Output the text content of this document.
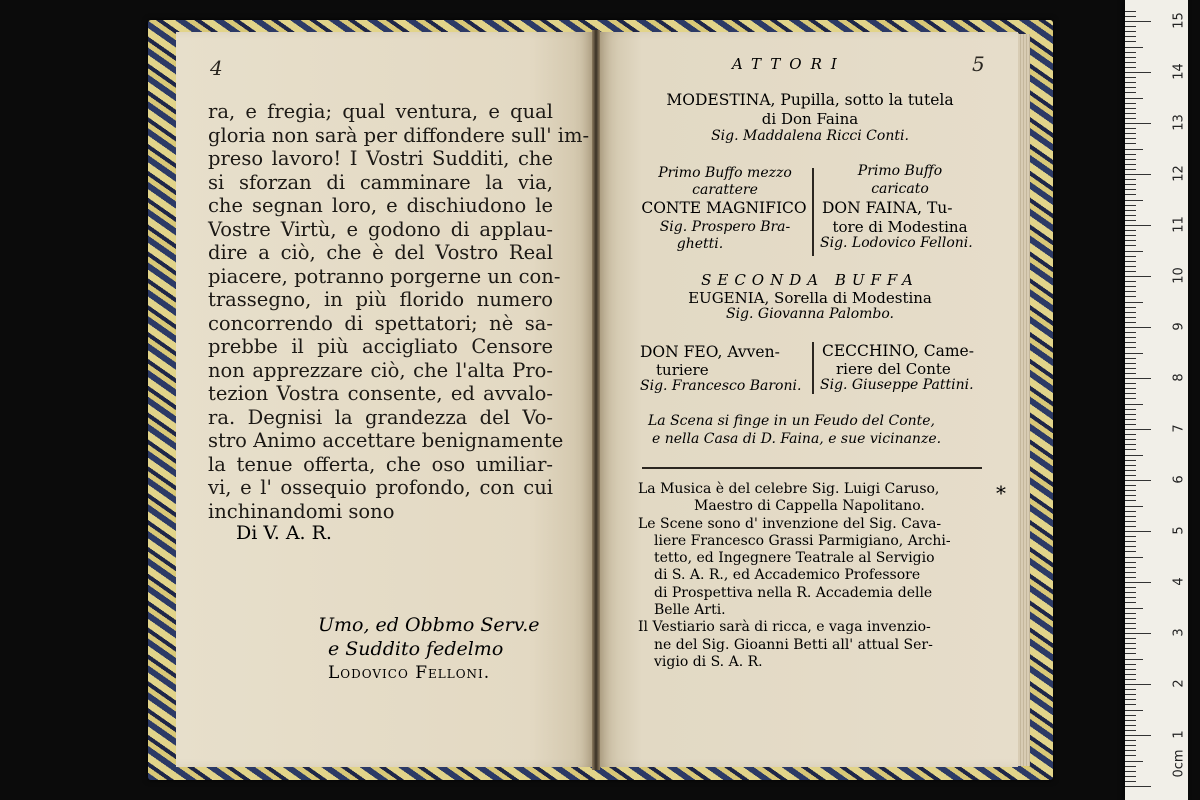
4
ra, e fregia; qual ventura, e qual
gloria non sarà per diffondere sull' im-
preso lavoro! I Vostri Sudditi, che
si sforzan di camminare la via,
che segnan loro, e dischiudono le
Vostre Virtù, e godono di applau-
dire a ciò, che è del Vostro Real
piacere, potranno porgerne un con-
trassegno, in più florido numero
concorrendo di spettatori; nè sa-
prebbe il più accigliato Censore
non apprezzare ciò, che l'alta Pro-
tezion Vostra consente, ed avvalo-
ra. Degnisi la grandezza del Vo-
stro Animo accettare benignamente
la tenue offerta, che oso umiliar-
vi, e l' ossequio profondo, con cui
inchinandomi sono
Di V. A. R.
Umo, ed Obbmo Serv.e
e Suddito fedelmo
Lodovico Felloni.
ATTORI	5
MODESTINA, Pupilla, sotto la tutela
di Don Faina
Sig. Maddalena Ricci Conti.
Primo Buffo mezzo
carattere
CONTE MAGNIFICO
Sig. Prospero Bra-
ghetti.
Primo Buffo
caricato
DON FAINA, Tu-
tore di Modestina
Sig. Lodovico Felloni.
SECONDA BUFFA
EUGENIA, Sorella di Modestina
Sig. Giovanna Palombo.
DON FEO, Avven-
turiere
Sig. Francesco Baroni.
CECCHINO, Came-
riere del Conte
Sig. Giuseppe Pattini.
La Scena si finge in un Feudo del Conte,
e nella Casa di D. Faina, e sue vicinanze.
La Musica è del celebre Sig. Luigi Caruso,
Maestro di Cappella Napolitano.
Le Scene sono d' invenzione del Sig. Cava-
liere Francesco Grassi Parmigiano, Archi-
tetto, ed Ingegnere Teatrale al Servigio
di S. A. R., ed Accademico Professore
di Prospettiva nella R. Accademia delle
Belle Arti.
Il Vestiario sarà di ricca, e vaga invenzio-
ne del Sig. Gioanni Betti all' attual Ser-
vigio di S. A. R.
*
0cm
1
2
3
4
5
6
7
8
9
10
11
12
13
14
15
